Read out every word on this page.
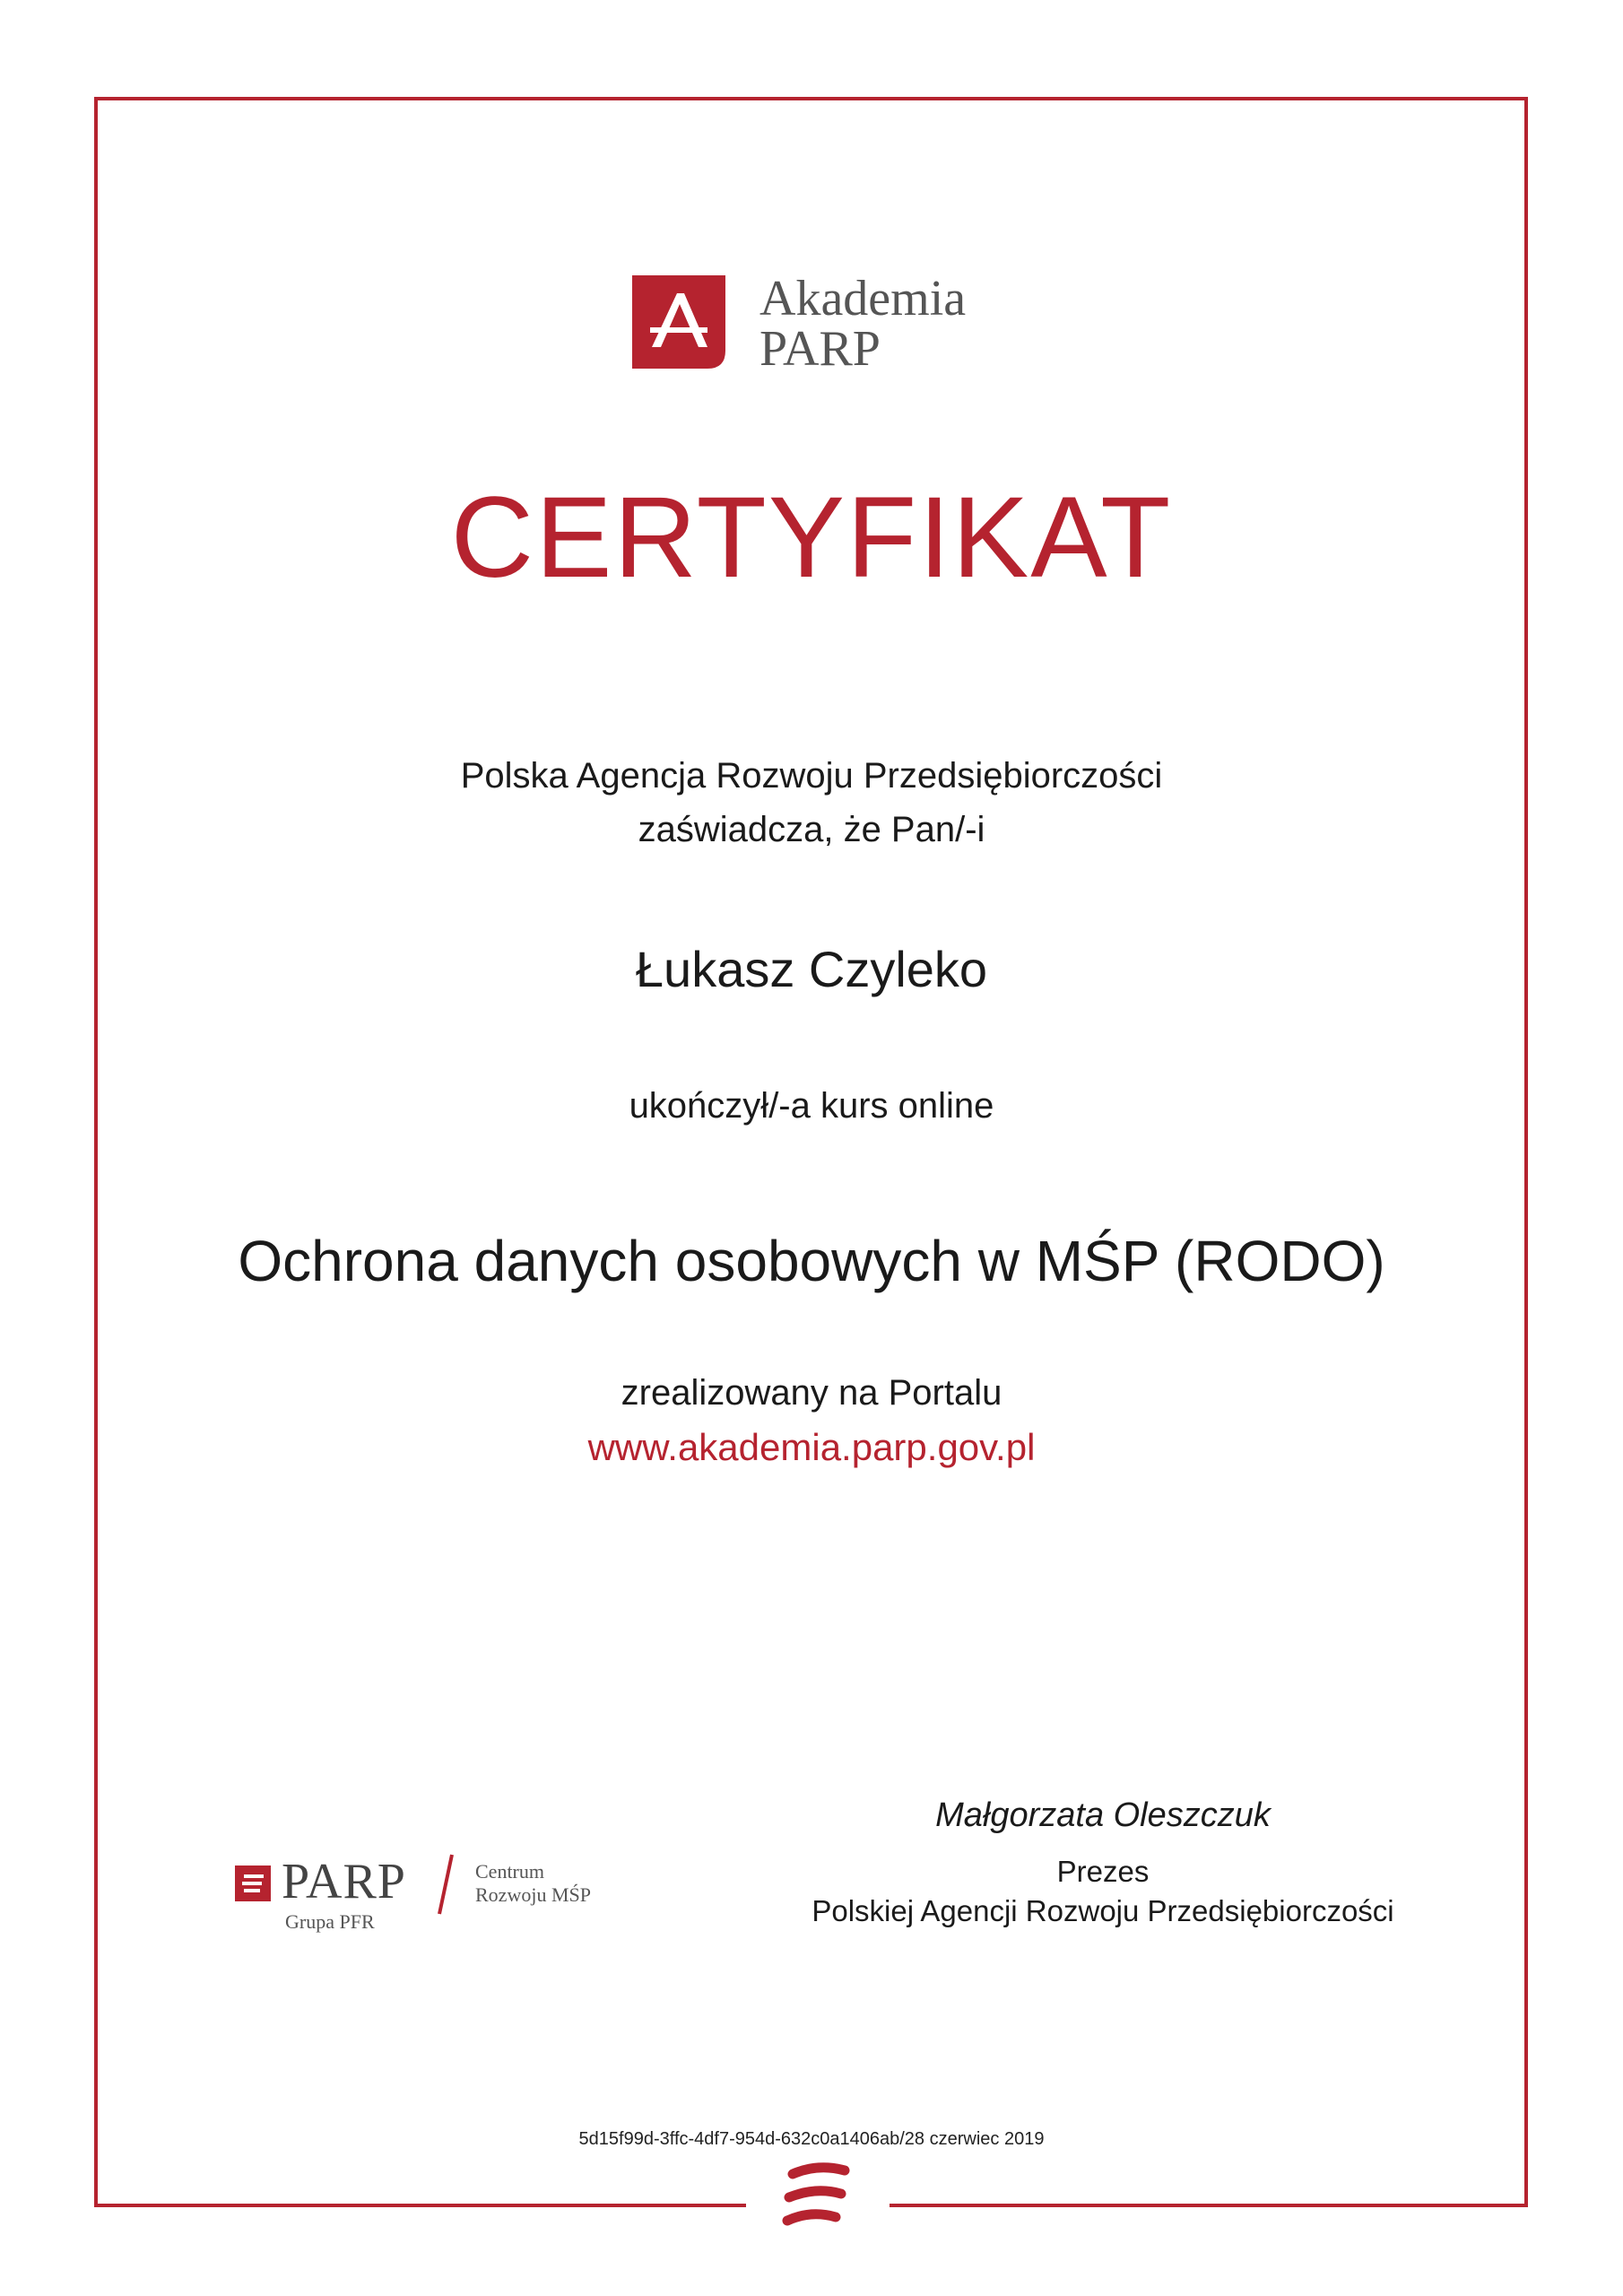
Akademia
PARP
CERTYFIKAT
Polska Agencja Rozwoju Przedsiębiorczości
zaświadcza, że Pan/-i
Łukasz Czyleko
ukończył/-a kurs online
Ochrona danych osobowych w MŚP (RODO)
zrealizowany na Portalu
www.akademia.parp.gov.pl
PARP
Grupa PFR
Centrum
Rozwoju MŚP
Małgorzata Oleszczuk
Prezes
Polskiej Agencji Rozwoju Przedsiębiorczości
5d15f99d-3ffc-4df7-954d-632c0a1406ab/28 czerwiec 2019
